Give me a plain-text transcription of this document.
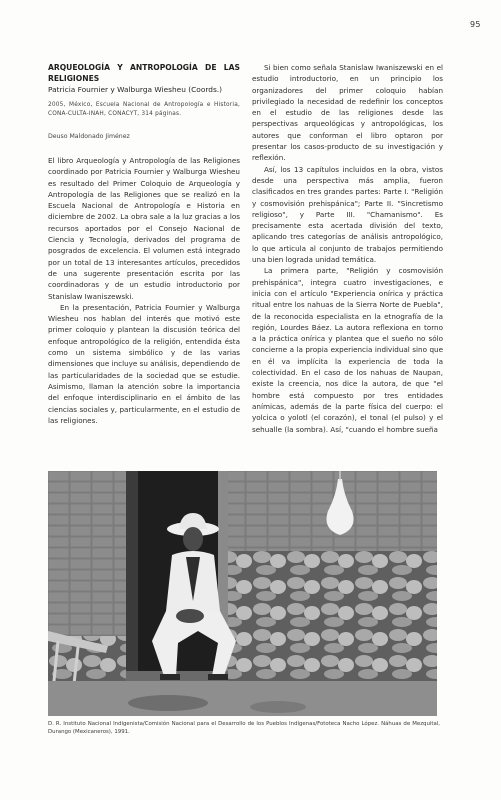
95

ARQUEOLOGÍA Y ANTROPOLOGÍA DE LAS RELIGIONES

Patricia Fournier y Walburga Wiesheu (Coords.)

2005, México, Escuela Nacional de Antropología e Historia, CONA-CULTA-INAH, CONACYT, 314 páginas.

Deuso Maldonado Jiménez

El libro Arqueología y Antropología de las Religiones coordinado por Patricia Fournier y Walburga Wiesheu es resultado del Primer Coloquio de Arqueología y Antropología de las Religiones que se realizó en la Escuela Nacional de Antropología e Historia en diciembre de 2002. La obra sale a la luz gracias a los recursos aportados por el Consejo Nacional de Ciencia y Tecnología, derivados del programa de posgrados de excelencia. El volumen está integrado por un total de 13 interesantes artículos, precedidos de una sugerente presentación escrita por las coordinadoras y de un estudio introductorio por Stanislaw Iwaniszewski.

En la presentación, Patricia Fournier y Walburga Wiesheu nos hablan del interés que motivó este primer coloquio y plantean la discusión teórica del enfoque antropológico de la religión, entendida ésta como un sistema simbólico y de las varias dimensiones que incluye su análisis, dependiendo de las particularidades de la sociedad que se estudie. Asimismo, llaman la atención sobre la importancia del enfoque interdisciplinario en el ámbito de las ciencias sociales y, particularmente, en el estudio de las religiones.

Si bien como señala Stanislaw Iwaniszewski en el estudio introductorio, en un principio los organizadores del primer coloquio habían privilegiado la necesidad de redefinir los conceptos en el estudio de las religiones desde las perspectivas arqueológicas y antropológicas, los autores que conforman el libro optaron por presentar los casos-producto de su investigación y reflexión.

Así, los 13 capítulos incluidos en la obra, vistos desde una perspectiva más amplia, fueron clasificados en tres grandes partes: Parte I. "Religión y cosmovisión prehispánica"; Parte II. "Sincretismo religioso", y Parte III. "Chamanismo". Es precisamente esta acertada división del texto, aplicando tres categorías de análisis antropológico, lo que articula al conjunto de trabajos permitiendo una bien lograda unidad temática.

La primera parte, "Religión y cosmovisión prehispánica", integra cuatro investigaciones, e inicia con el artículo "Experiencia onírica y práctica ritual entre los nahuas de la Sierra Norte de Puebla", de la reconocida especialista en la etnografía de la región, Lourdes Báez. La autora reflexiona en torno a la práctica onírica y plantea que el sueño no sólo concierne a la propia experiencia individual sino que en él va implícita la experiencia de toda la colectividad. En el caso de los nahuas de Naupan, existe la creencia, nos dice la autora, de que "el hombre está compuesto por tres entidades anímicas, además de la parte física del cuerpo: el yolcica o yolotl (el corazón), el tonal (el pulso) y el sehualle (la sombra). Así, "cuando el hombre sueña

D. R. Instituto Nacional Indigenista/Comisión Nacional para el Desarrollo de los Pueblos Indígenas/Fototeca Nacho López. Náhuas de Mezquital, Durango (Mexicaneros), 1991.
